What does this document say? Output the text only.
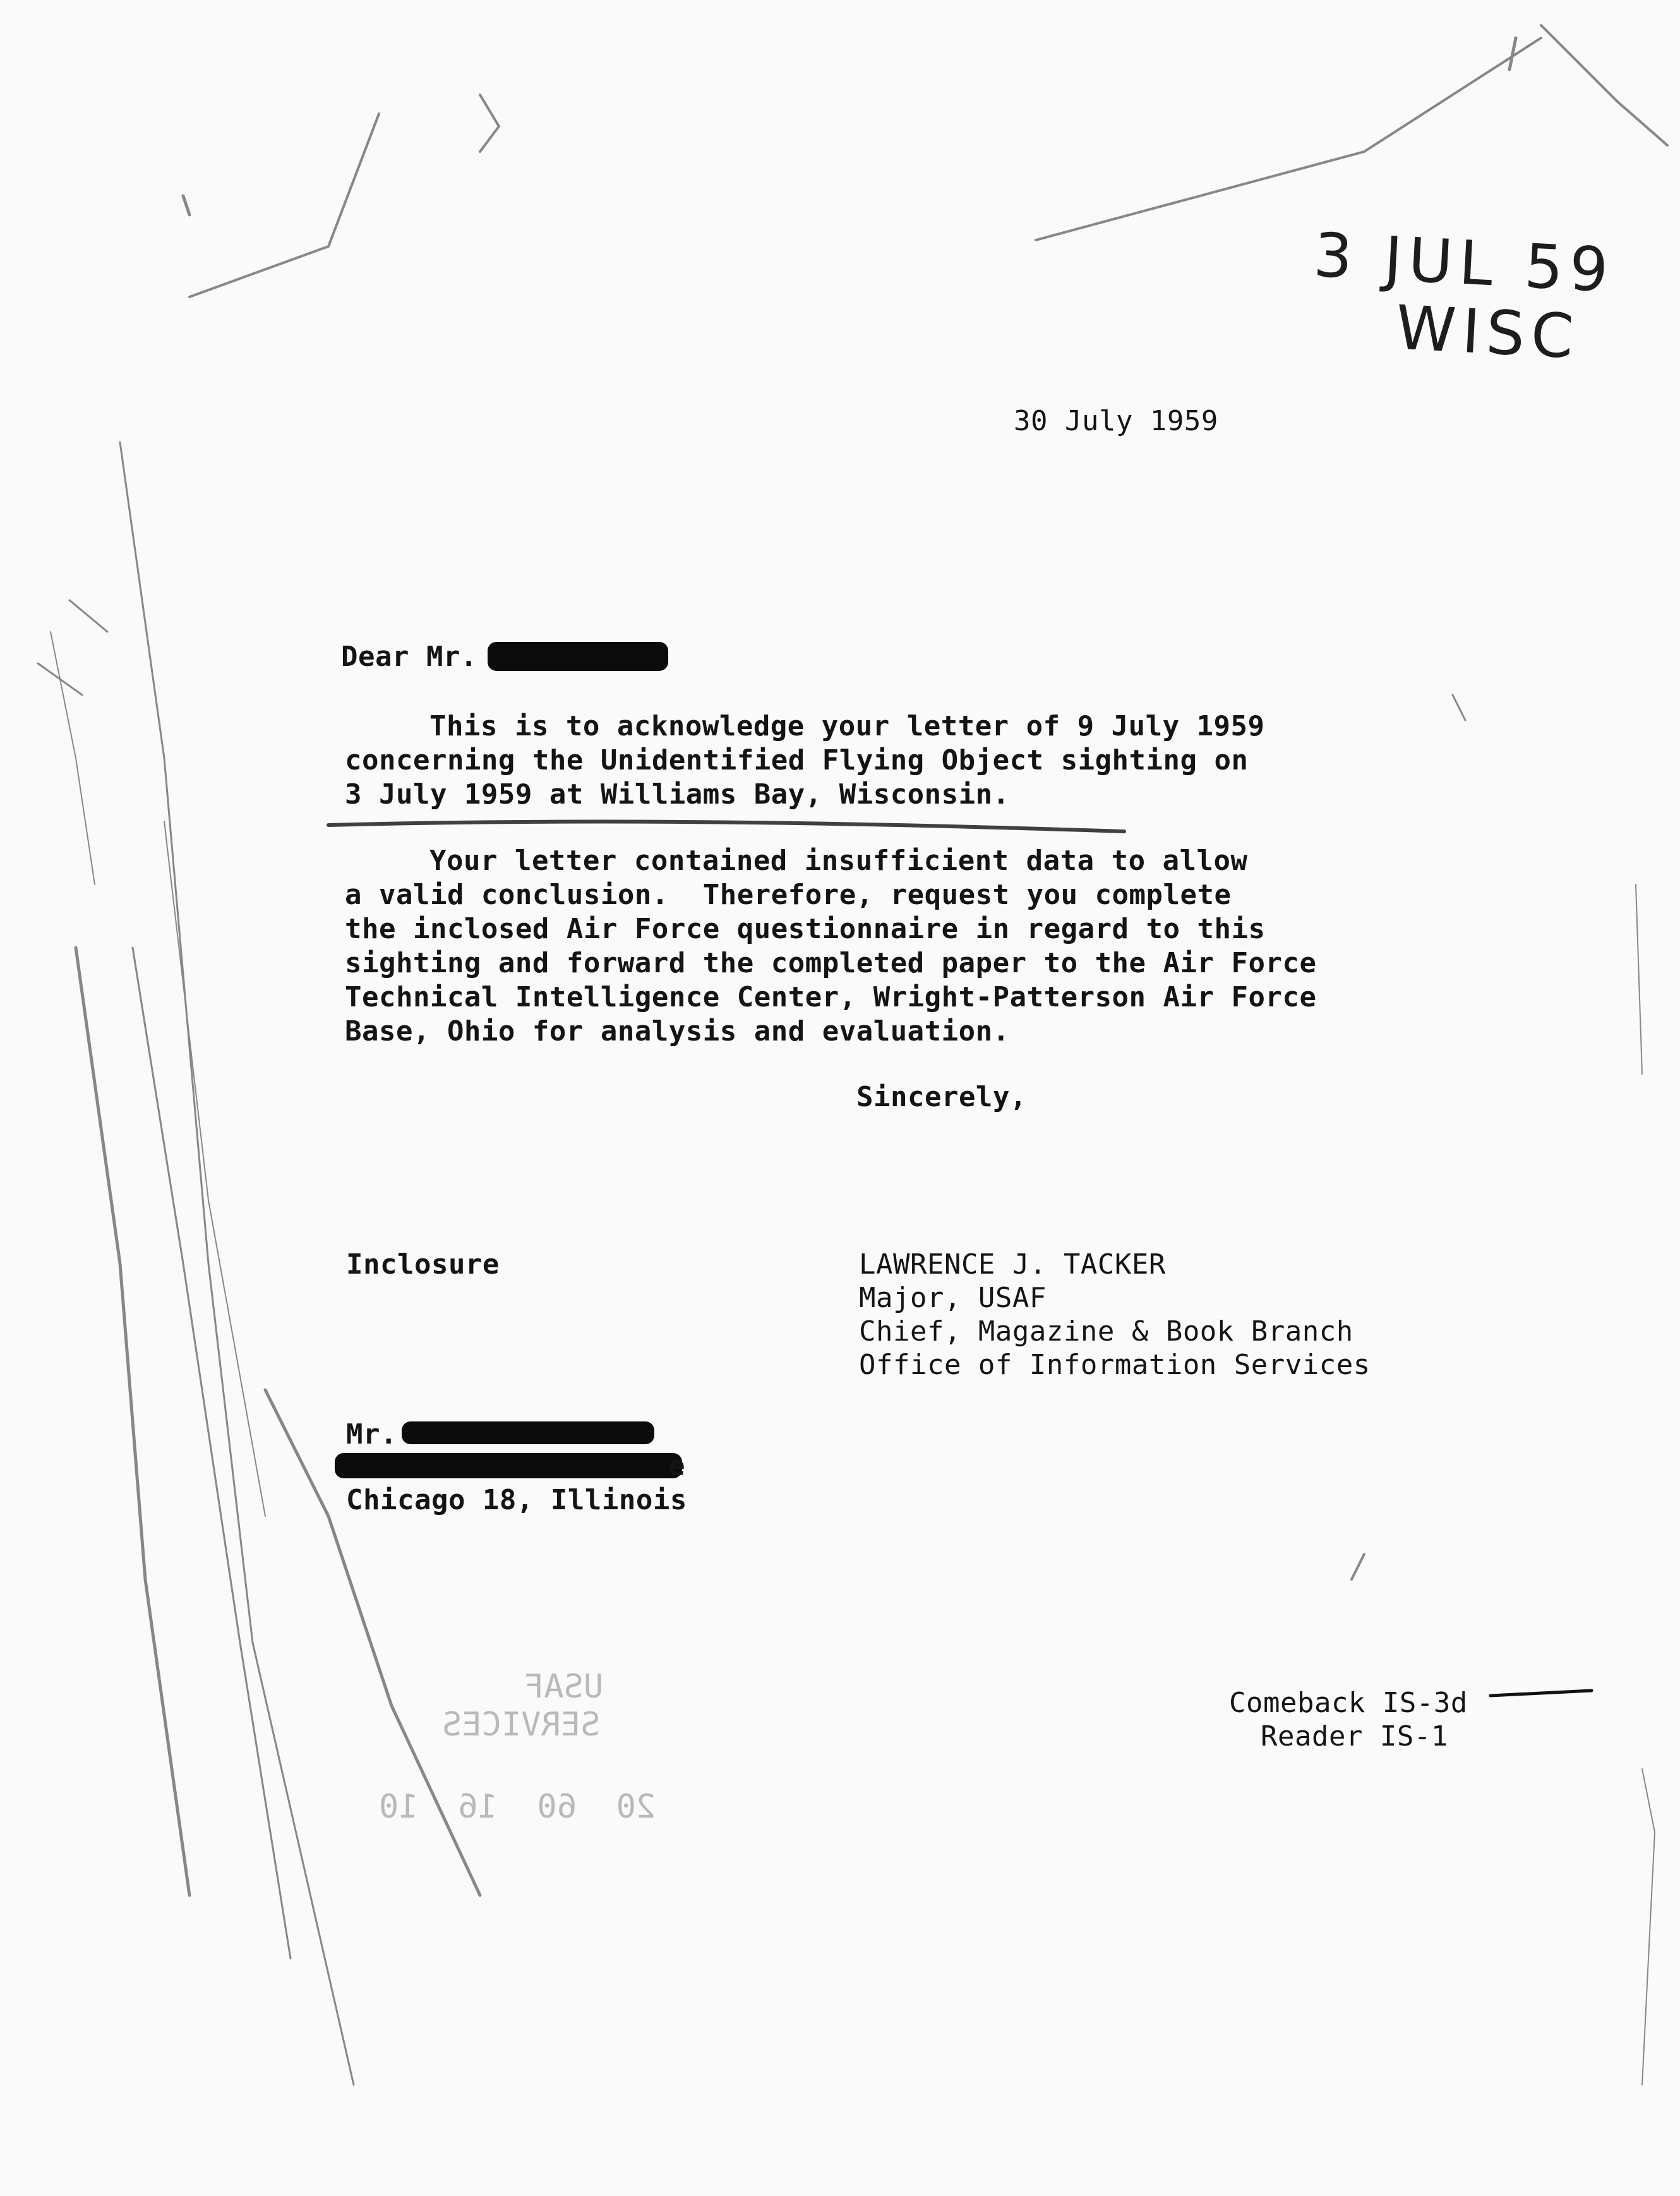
USAF
SERVICES
20  60  16  10
3 JUL 59
WISC
30 July 1959
Dear Mr.
This is to acknowledge your letter of 9 July 1959
concerning the Unidentified Flying Object sighting on
3 July 1959 at Williams Bay, Wisconsin.
Your letter contained insufficient data to allow
a valid conclusion.  Therefore, request you complete
the inclosed Air Force questionnaire in regard to this
sighting and forward the completed paper to the Air Force
Technical Intelligence Center, Wright-Patterson Air Force
Base, Ohio for analysis and evaluation.
Sincerely,
Inclosure	LAWRENCE J. TACKER
Major, USAF
Chief, Magazine & Book Branch
Office of Information Services
Mr.
e
Chicago 18, Illinois
Comeback IS-3d
Reader IS-1
